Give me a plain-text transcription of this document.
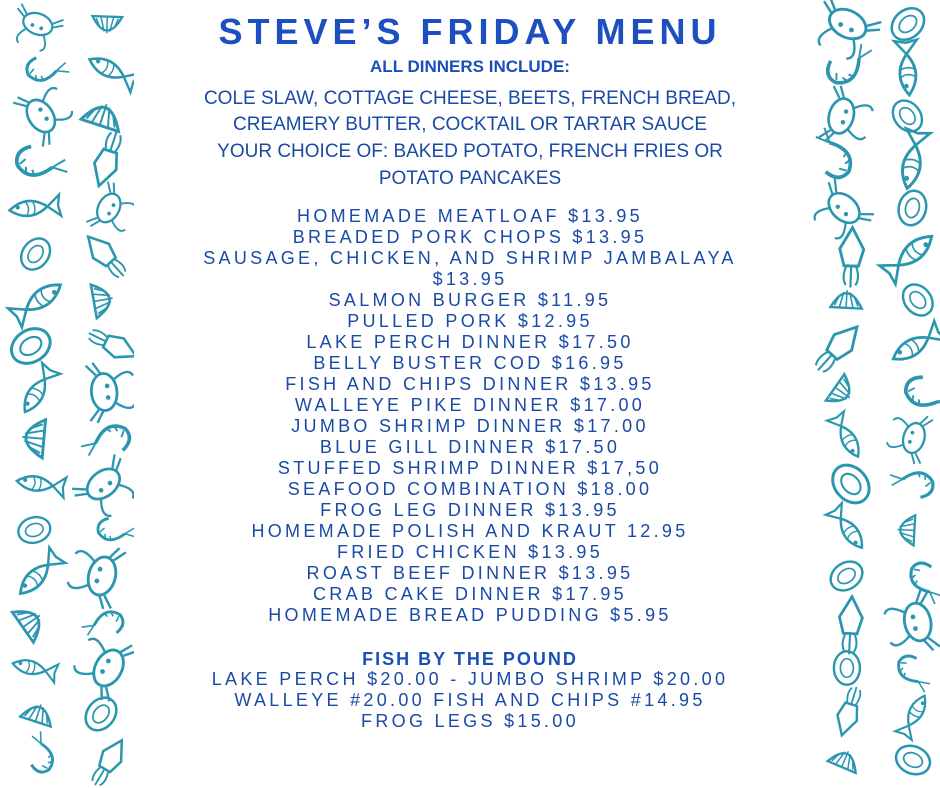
STEVE’S FRIDAY MENU
ALL DINNERS INCLUDE:
COLE SLAW, COTTAGE CHEESE, BEETS, FRENCH BREAD,
CREAMERY BUTTER, COCKTAIL OR TARTAR SAUCE
YOUR CHOICE OF: BAKED POTATO, FRENCH FRIES OR
POTATO PANCAKES
HOMEMADE MEATLOAF $13.95
BREADED PORK CHOPS $13.95
SAUSAGE, CHICKEN, AND SHRIMP JAMBALAYA
$13.95
SALMON BURGER $11.95
PULLED PORK $12.95
LAKE PERCH DINNER $17.50
BELLY BUSTER COD $16.95
FISH AND CHIPS DINNER $13.95
WALLEYE PIKE DINNER $17.00
JUMBO SHRIMP DINNER $17.00
BLUE GILL DINNER $17.50
STUFFED SHRIMP DINNER $17,50
SEAFOOD COMBINATION $18.00
FROG LEG DINNER $13.95
HOMEMADE POLISH AND KRAUT 12.95
FRIED CHICKEN $13.95
ROAST BEEF DINNER $13.95
CRAB CAKE DINNER $17.95
HOMEMADE BREAD PUDDING $5.95
FISH BY THE POUND
LAKE PERCH $20.00 - JUMBO SHRIMP $20.00
WALLEYE #20.00 FISH AND CHIPS #14.95
FROG LEGS $15.00
